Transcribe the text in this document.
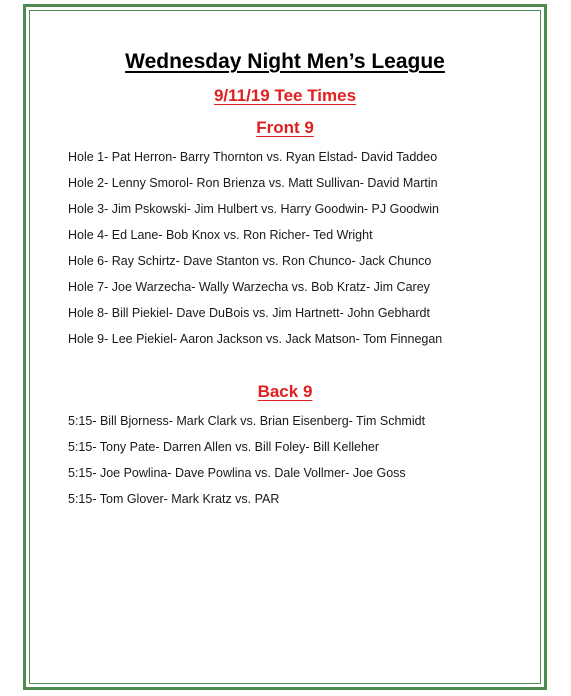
Wednesday Night Men’s League
9/11/19 Tee Times
Front 9
Hole 1- Pat Herron- Barry Thornton vs. Ryan Elstad- David Taddeo
Hole 2- Lenny Smorol- Ron Brienza vs. Matt Sullivan- David Martin
Hole 3- Jim Pskowski- Jim Hulbert vs. Harry Goodwin- PJ Goodwin
Hole 4- Ed Lane- Bob Knox vs. Ron Richer- Ted Wright
Hole 6- Ray Schirtz- Dave Stanton vs. Ron Chunco- Jack Chunco
Hole 7- Joe Warzecha- Wally Warzecha vs. Bob Kratz- Jim Carey
Hole 8- Bill Piekiel- Dave DuBois vs. Jim Hartnett- John Gebhardt
Hole 9- Lee Piekiel- Aaron Jackson vs. Jack Matson- Tom Finnegan
Back 9
5:15- Bill Bjorness- Mark Clark vs. Brian Eisenberg- Tim Schmidt
5:15- Tony Pate- Darren Allen vs. Bill Foley- Bill Kelleher
5:15- Joe Powlina- Dave Powlina vs. Dale Vollmer- Joe Goss
5:15- Tom Glover- Mark Kratz vs. PAR
